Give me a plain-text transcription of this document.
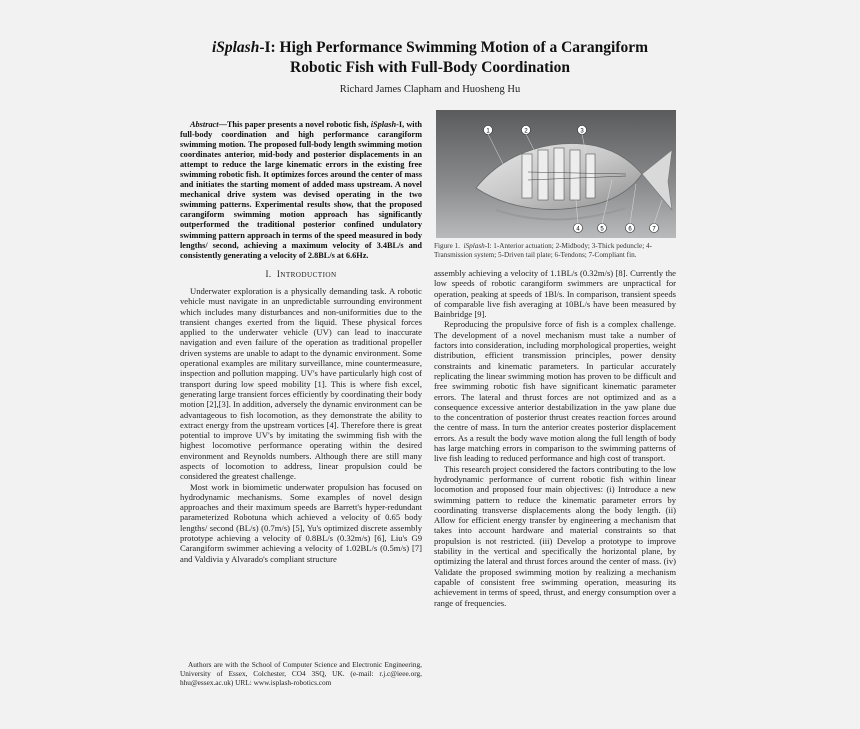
iSplash-I: High Performance Swimming Motion of a Carangiform
Robotic Fish with Full-Body Coordination
Richard James Clapham and Huosheng Hu
Abstract—This paper presents a novel robotic fish, iSplash-I, with full-body coordination and high performance carangiform swimming motion. The proposed full-body length swimming motion coordinates anterior, mid-body and posterior displacements in an attempt to reduce the large kinematic errors in the existing free swimming robotic fish. It optimizes forces around the center of mass and initiates the starting moment of added mass upstream. A novel mechanical drive system was devised operating in the two swimming patterns. Experimental results show, that the proposed carangiform swimming motion approach has significantly outperformed the traditional posterior confined undulatory swimming pattern approach in terms of the speed measured in body lengths/ second, achieving a maximum velocity of 3.4BL/s and consistently generating a velocity of 2.8BL/s at 6.6Hz.
I. INTRODUCTION

Underwater exploration is a physically demanding task. A robotic vehicle must navigate in an unpredictable surrounding environment which includes many disturbances and non-uniformities due to the transient changes exerted from the liquid. These physical forces applied to the underwater vehicle (UV) can lead to inaccurate navigation and even failure of the operation as traditional propeller driven systems are unable to adapt to the dynamic environment. Some operational examples are military surveillance, mine countermeasure, inspection and pollution mapping. UV's have particularly high cost of transport during low speed mobility [1]. This is where fish excel, generating large transient forces efficiently by coordinating their body motion [2],[3]. In addition, adversely the dynamic environment can be advantageous to fish locomotion, as they demonstrate the ability to extract energy from the upstream vortices [4]. Therefore there is great potential to improve UV's by imitating the swimming fish with the highest locomotive performance operating within the desired environment and Reynolds numbers. Although there are still many aspects of locomotion to address, linear propulsion could be considered the greatest challenge.

Most work in biomimetic underwater propulsion has focused on hydrodynamic mechanisms. Some examples of novel design approaches and their maximum speeds are Barrett's hyper-redundant parameterized Robotuna which achieved a velocity of 0.65 body lengths/ second (BL/s) (0.7m/s) [5], Yu's optimized discrete assembly prototype achieving a velocity of 0.8BL/s (0.32m/s) [6], Liu's G9 Carangiform swimmer achieving a velocity of 1.02BL/s (0.5m/s) [7] and Valdivia y Alvarado's compliant structure

Authors are with the School of Computer Science and Electronic Engineering, University of Essex, Colchester, CO4 3SQ, UK. (e-mail: r.j.c@ieee.org, hhu@essex.ac.uk) URL: www.isplash-robotics.com
1	2	3
4	5	6	7
Figure 1. iSplash-I: 1-Anterior actuation; 2-Midbody; 3-Thick peduncle; 4-Transmission system; 5-Driven tail plate; 6-Tendons; 7-Compliant fin.

assembly achieving a velocity of 1.1BL/s (0.32m/s) [8]. Currently the low speeds of robotic carangiform swimmers are unpractical for operation, peaking at speeds of 1Bl/s. In comparison, transient speeds of comparable live fish averaging at 10BL/s have been measured by Bainbridge [9].

Reproducing the propulsive force of fish is a complex challenge. The development of a novel mechanism must take a number of factors into consideration, including morphological properties, weight distribution, efficient transmission principles, power density constraints and kinematic parameters. In particular accurately replicating the linear swimming motion has proven to be difficult and free swimming robotic fish have significant kinematic parameter errors. The lateral and thrust forces are not optimized and as a consequence excessive anterior destabilization in the yaw plane due to the concentration of posterior thrust creates reaction forces around the centre of mass. In turn the anterior creates posterior displacement errors. As a result the body wave motion along the full length of body has large matching errors in comparison to the swimming patterns of live fish leading to reduced performance and high cost of transport.

This research project considered the factors contributing to the low hydrodynamic performance of current robotic fish within linear locomotion and proposed four main objectives: (i) Introduce a new swimming pattern to reduce the kinematic parameter errors by coordinating transverse displacements along the body length. (ii) Allow for efficient energy transfer by engineering a mechanism that takes into account hardware and material constraints so that propulsion is not restricted. (iii) Develop a prototype to improve stability in the vertical and specifically the horizontal plane, by optimizing the lateral and thrust forces around the center of mass. (iv) Validate the proposed swimming motion by realizing a mechanism capable of consistent free swimming operation, measuring its achievement in terms of speed, thrust, and energy consumption over a range of frequencies.
